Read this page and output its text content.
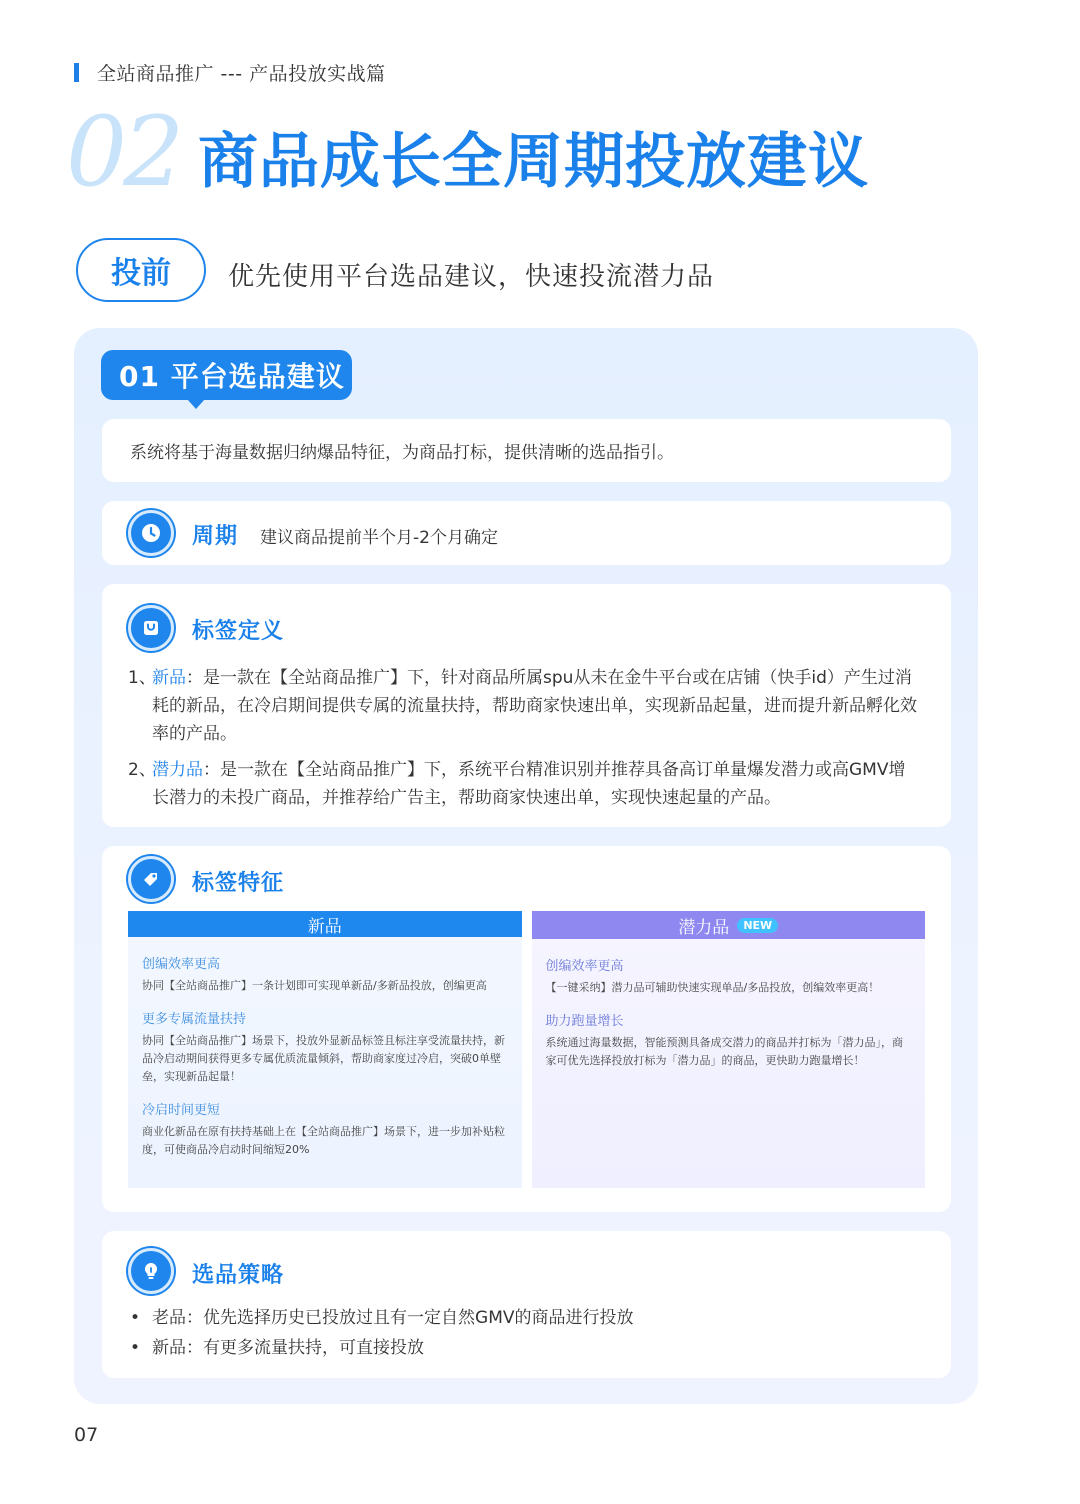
全站商品推广 --- 产品投放实战篇
02 商品成长全周期投放建议
投前	优先使用平台选品建议，快速投流潜力品
01 平台选品建议
系统将基于海量数据归纳爆品特征，为商品打标，提供清晰的选品指引。
周期 建议商品提前半个月-2个月确定
标签定义
1、
新品：是一款在【全站商品推广】下，针对商品所属spu从未在金牛平台或在店铺（快手id）产生过消耗的新品，在冷启期间提供专属的流量扶持，帮助商家快速出单，实现新品起量，进而提升新品孵化效率的产品。
2、
潜力品：是一款在【全站商品推广】下，系统平台精准识别并推荐具备高订单量爆发潜力或高GMV增长潜力的未投广商品，并推荐给广告主，帮助商家快速出单，实现快速起量的产品。
标签特征
新品
创编效率更高
协同【全站商品推广】一条计划即可实现单新品/多新品投放，创编更高
更多专属流量扶持
协同【全站商品推广】场景下，投放外显新品标签且标注享受流量扶持，新品冷启动期间获得更多专属优质流量倾斜，帮助商家度过冷启，突破0单壁垒，实现新品起量！
冷启时间更短
商业化新品在原有扶持基础上在【全站商品推广】场景下，进一步加补贴粒度，可使商品冷启动时间缩短20%
潜力品	NEW
创编效率更高
【一键采纳】潜力品可辅助快速实现单品/多品投放，创编效率更高！
助力跑量增长
系统通过海量数据，智能预测具备成交潜力的商品并打标为「潜力品」，商家可优先选择投放打标为「潜力品」的商品，更快助力跑量增长！
选品策略
• 老品：优先选择历史已投放过且有一定自然GMV的商品进行投放
• 新品：有更多流量扶持，可直接投放
07
